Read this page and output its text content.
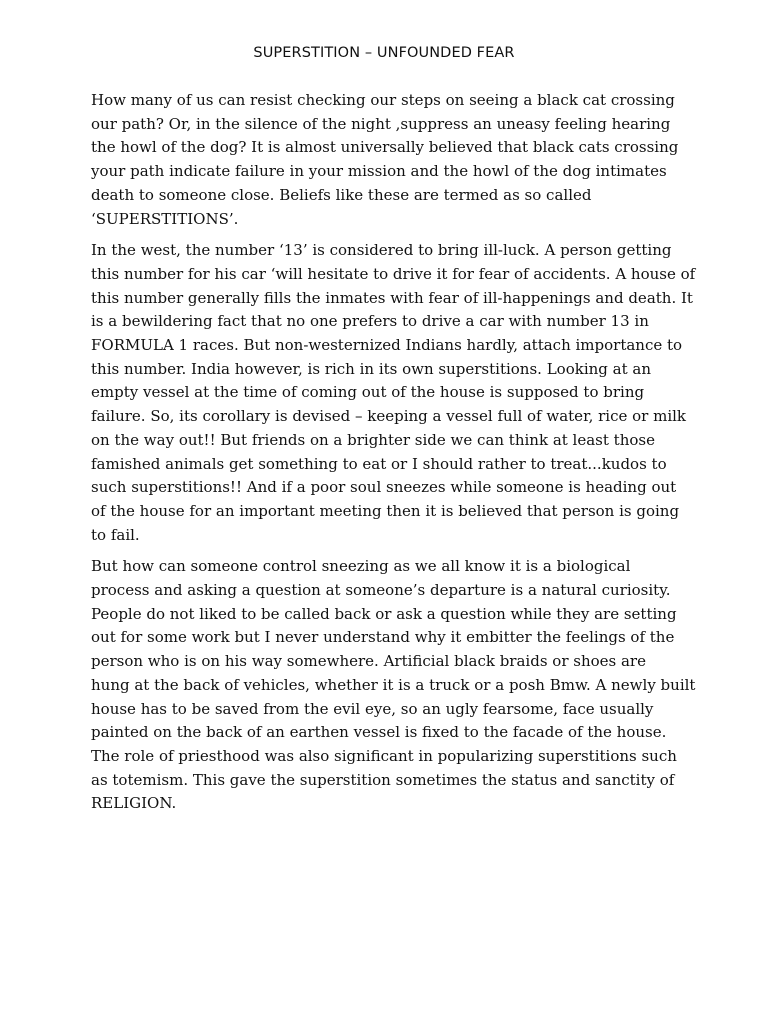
SUPERSTITION – UNFOUNDED FEAR

How many of us can resist checking our steps on seeing a black cat crossing
our path? Or, in the silence of the night ,suppress an uneasy feeling hearing
the howl of the dog? It is almost universally believed that black cats crossing
your path indicate failure in your mission and the howl of the dog intimates
death to someone close. Beliefs like these are termed as so called
‘SUPERSTITIONS’.

In the west, the number ‘13’ is considered to bring ill-luck. A person getting
this number for his car ‘will hesitate to drive it for fear of accidents. A house of
this number generally fills the inmates with fear of ill-happenings and death. It
is a bewildering fact that no one prefers to drive a car with number 13 in
FORMULA 1 races. But non-westernized Indians hardly, attach importance to
this number. India however, is rich in its own superstitions. Looking at an
empty vessel at the time of coming out of the house is supposed to bring
failure. So, its corollary is devised – keeping a vessel full of water, rice or milk
on the way out!! But friends on a brighter side we can think at least those
famished animals get something to eat or I should rather to treat...kudos to
such superstitions!! And if a poor soul sneezes while someone is heading out
of the house for an important meeting then it is believed that person is going
to fail.

But how can someone control sneezing as we all know it is a biological
process and asking a question at someone’s departure is a natural curiosity.
People do not liked to be called back or ask a question while they are setting
out for some work but I never understand why it embitter the feelings of the
person who is on his way somewhere. Artificial black braids or shoes are
hung at the back of vehicles, whether it is a truck or a posh Bmw. A newly built
house has to be saved from the evil eye, so an ugly fearsome, face usually
painted on the back of an earthen vessel is fixed to the facade of the house.
The role of priesthood was also significant in popularizing superstitions such
as totemism. This gave the superstition sometimes the status and sanctity of
RELIGION.
